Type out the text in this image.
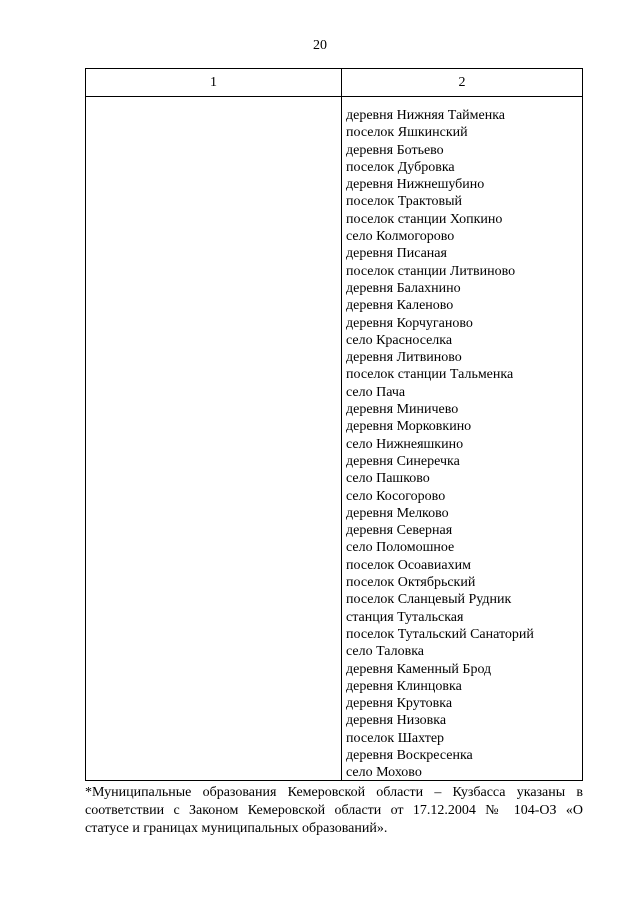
20
1	2
деревня Нижняя Тайменка
поселок Яшкинский
деревня Ботьево
поселок Дубровка
деревня Нижнешубино
поселок Трактовый
поселок станции Хопкино
село Колмогорово
деревня Писаная
поселок станции Литвиново
деревня Балахнино
деревня Каленово
деревня Корчуганово
село Красноселка
деревня Литвиново
поселок станции Тальменка
село Пача
деревня Миничево
деревня Морковкино
село Нижнеяшкино
деревня Синеречка
село Пашково
село Косогорово
деревня Мелково
деревня Северная
село Поломошное
поселок Осоавиахим
поселок Октябрьский
поселок Сланцевый Рудник
станция Тутальская
поселок Тутальский Санаторий
село Таловка
деревня Каменный Брод
деревня Клинцовка
деревня Крутовка
деревня Низовка
поселок Шахтер
деревня Воскресенка
село Мохово
*Муниципальные образования Кемеровской области – Кузбасса указаны в
соответствии с Законом Кемеровской области от 17.12.2004 № 104-ОЗ «О
статусе и границах муниципальных образований».
